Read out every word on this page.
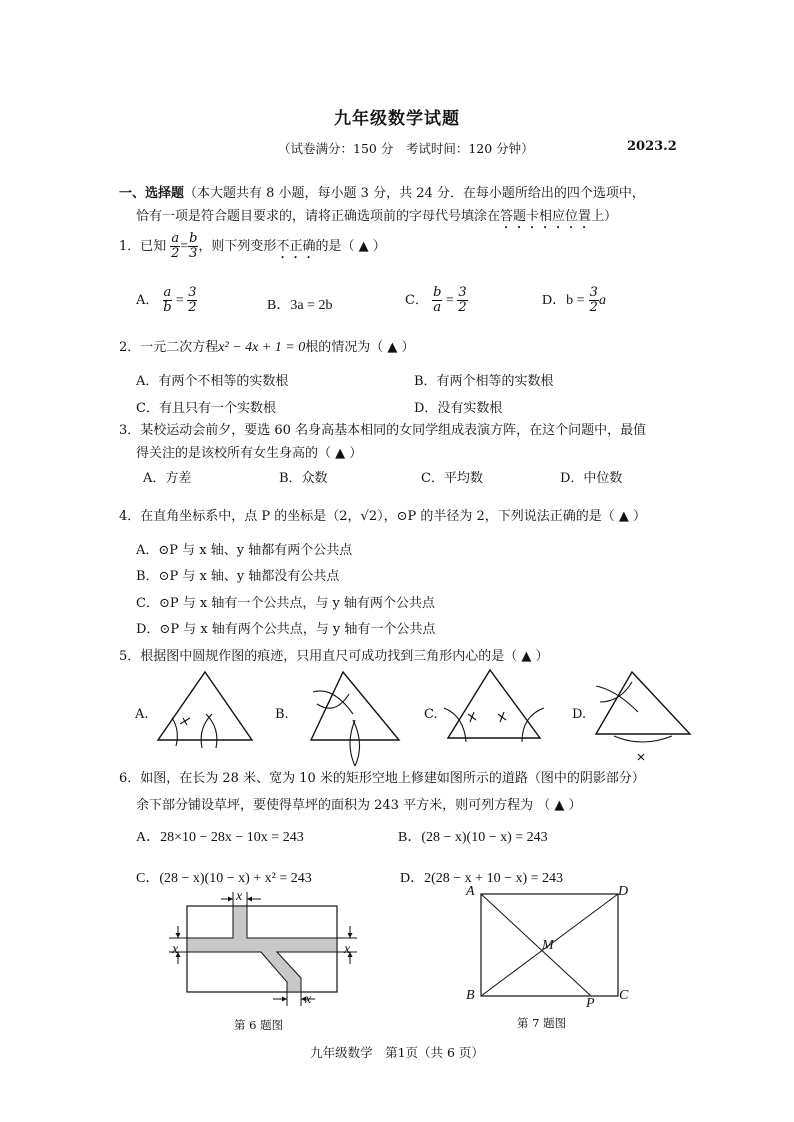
九年级数学试题
（试卷满分：150 分　考试时间：120 分钟）	2023.2
一、选择题（本大题共有 8 小题，每小题 3 分，共 24 分．在每小题所给出的四个选项中，
恰有一项是符合题目要求的，请将正确选项前的字母代号填涂在答题卡相应位置上）
1．已知 $\frac{a}{2} = \frac{b}{3}$ ，则下列变形不正确的是（ ▲ ）
A． $\frac{a}{b} = \frac{3}{2}$	B．3a = 2b	C． $\frac{b}{a} = \frac{3}{2}$	D．$b = \frac{3}{2}$ a
2．一元二次方程x² − 4x + 1 = 0根的情况为（ ▲ ）
A．有两个不相等的实数根	B．有两个相等的实数根
C．有且只有一个实数根	D．没有实数根
3．某校运动会前夕，要选 60 名身高基本相同的女同学组成表演方阵，在这个问题中，最值
得关注的是该校所有女生身高的（ ▲ ）
A．方差	B．众数	C．平均数	D．中位数
4．在直角坐标系中，点 P 的坐标是（2，√2），⊙P 的半径为 2，下列说法正确的是（ ▲ ）
A．⊙P 与 x 轴、y 轴都有两个公共点
B．⊙P 与 x 轴、y 轴都没有公共点
C．⊙P 与 x 轴有一个公共点，与 y 轴有两个公共点
D．⊙P 与 x 轴有两个公共点，与 y 轴有一个公共点
5．根据图中圆规作图的痕迹，只用直尺可成功找到三角形内心的是（ ▲ ）
A.	B.	C.	D.
6．如图，在长为 28 米、宽为 10 米的矩形空地上修建如图所示的道路（图中的阴影部分）
余下部分铺设草坪，要使得草坪的面积为 243 平方米，则可列方程为 （ ▲ ）
A．28×10 − 28x − 10x = 243	B．(28 − x)(10 − x) = 243
C．(28 − x)(10 − x) + x² = 243	D．2(28 − x + 10 − x) = 243
x
x	x
x
第 6 题图
A	D
M
B
P
C
第 7 题图
九年级数学　第1页（共 6 页）
